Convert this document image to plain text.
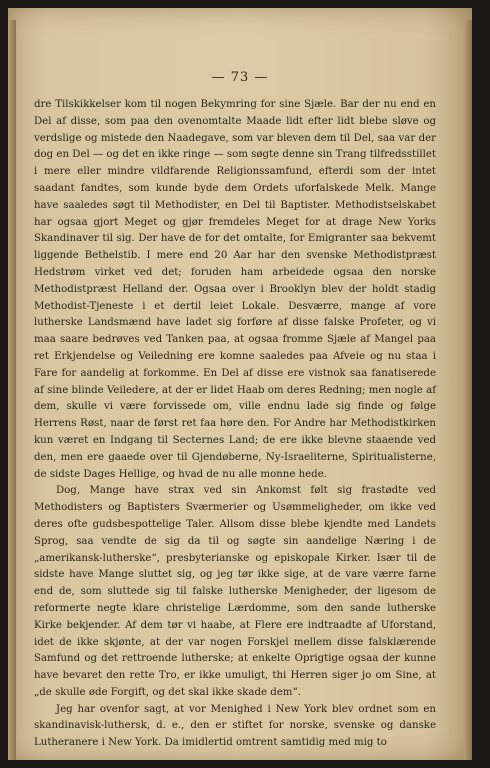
— 73 —

dre Tilskikkelser kom til nogen Bekymring for sine Sjæle. Bar der nu end en Del af disse, som paa den ovenomtalte Maade lidt efter lidt blebe sløve og verdslige og mistede den Naadegave, som var bleven dem til Del, saa var der dog en Del — og det en ikke ringe — som søgte denne sin Trang tilfredsstillet i mere eller mindre vildfarende Religionssamfund, efterdi som der intet saadant fandtes, som kunde byde dem Ordets uforfalskede Melk. Mange have saaledes søgt til Methodister, en Del til Baptister. Methodistselskabet har ogsaa gjort Meget og gjør fremdeles Meget for at drage New Yorks Skandinaver til sig. Der have de for det omtalte, for Emigranter saa bekvemt liggende Bethelstib. I mere end 20 Aar har den svenske Methodistpræst Hedstrøm virket ved det; foruden ham arbeidede ogsaa den norske Methodistpræst Helland der. Ogsaa over i Brooklyn blev der holdt stadig Methodist-Tjeneste i et dertil leiet Lokale. Desværre, mange af vore lutherske Landsmænd have ladet sig forføre af disse falske Profeter, og vi maa saare bedrøves ved Tanken paa, at ogsaa fromme Sjæle af Mangel paa ret Erkjendelse og Veiledning ere komne saaledes paa Afveie og nu staa i Fare for aandelig at forkomme. En Del af disse ere vistnok saa fanatiserede af sine blinde Veiledere, at der er lidet Haab om deres Redning; men nogle af dem, skulle vi være forvissede om, ville endnu lade sig finde og følge Herrens Røst, naar de først ret faa høre den. For Andre har Methodistkirken kun været en Indgang til Secternes Land; de ere ikke blevne staaende ved den, men ere gaaede over til Gjendøberne, Ny-Israeliterne, Spiritualisterne, de sidste Dages Hellige, og hvad de nu alle monne hede.

Dog, Mange have strax ved sin Ankomst følt sig frastødte ved Methodisters og Baptisters Sværmerier og Usømmeligheder, om ikke ved deres ofte gudsbespottelige Taler. Allsom disse blebe kjendte med Landets Sprog, saa vendte de sig da til og søgte sin aandelige Næring i de „amerikansk-lutherske“, presbyterianske og episkopale Kirker. Især til de sidste have Mange sluttet sig, og jeg tør ikke sige, at de vare værre farne end de, som sluttede sig til falske lutherske Menigheder, der ligesom de reformerte negte klare christelige Lærdomme, som den sande lutherske Kirke bekjender. Af dem tør vi haabe, at Flere ere indtraadte af Uforstand, idet de ikke skjønte, at der var nogen Forskjel mellem disse falsklærende Samfund og det rettroende lutherske; at enkelte Oprigtige ogsaa der kunne have bevaret den rette Tro, er ikke umuligt, thi Herren siger jo om Sine, at „de skulle øde Forgift, og det skal ikke skade dem“.

Jeg har ovenfor sagt, at vor Menighed i New York blev ordnet som en skandinavisk-luthersk, d. e., den er stiftet for norske, svenske og danske Lutheranere i New York. Da imidlertid omtrent samtidig med mig to
